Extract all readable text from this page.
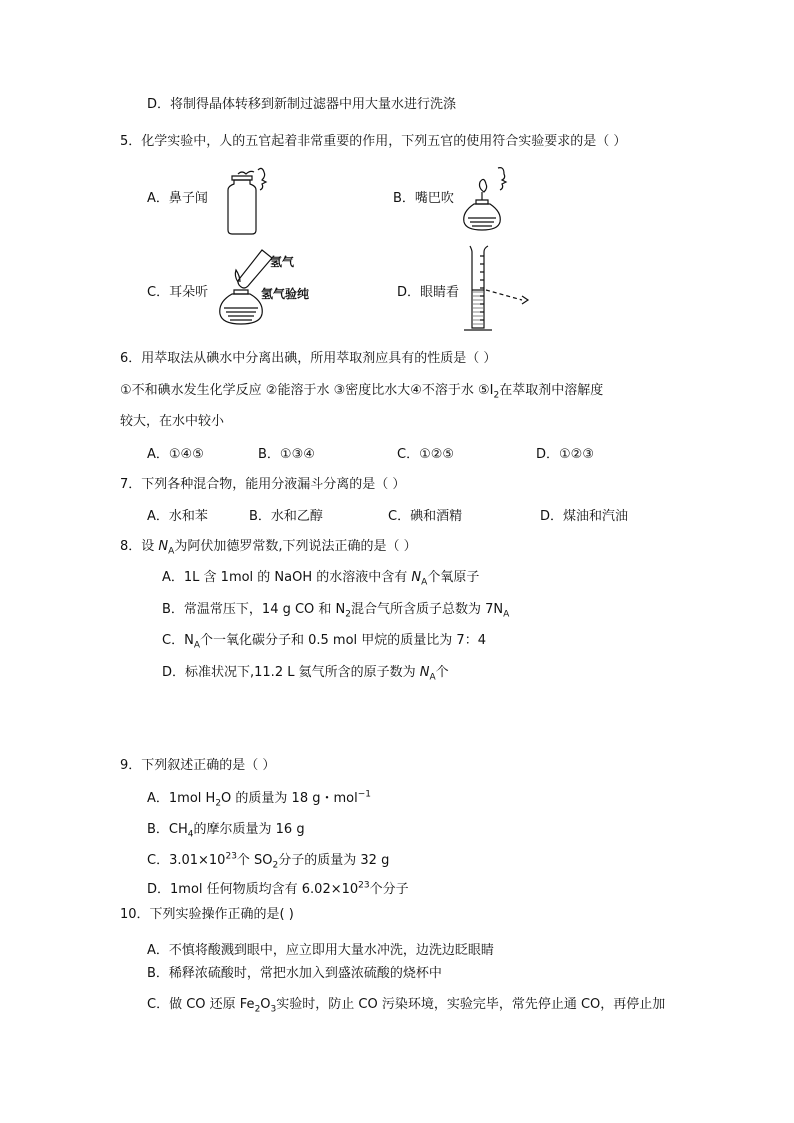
D．将制得晶体转移到新制过滤器中用大量水进行洗涤
5．化学实验中，人的五官起着非常重要的作用，下列五官的使用符合实验要求的是（ ）
A．鼻子闻	B．嘴巴吹
C．耳朵听	D．眼睛看
氢气
氢气验纯
6．用萃取法从碘水中分离出碘，所用萃取剂应具有的性质是（ ）
①不和碘水发生化学反应 ②能溶于水 ③密度比水大④不溶于水 $⑤I_2$在萃取剂中溶解度
较大，在水中较小
A．①④⑤	B．①③④	C．①②⑤	D．①②③
7．下列各种混合物，能用分液漏斗分离的是（ ）
A．水和苯	B．水和乙醇	C．碘和酒精	D．煤油和汽油
8．设 $N_A$为阿伏加德罗常数,下列说法正确的是（ ）
A．1L 含 1mol 的 NaOH 的水溶液中含有 $N_A$个氧原子
B．常温常压下，14 g CO 和 $N_2$混合气所含质子总数为 $7N_A$
C．$N_A$个一氧化碳分子和 0.5 mol 甲烷的质量比为 7：4
D．标准状况下,11.2 L 氦气所含的原子数为 $N_A$个
9．下列叙述正确的是（ ）
A．1mol $H_2O$ 的质量为 18 g・mol$^{-1}$
B．$CH_4$的摩尔质量为 16 g
C．$3.01\times 10^{23}$个 $SO_2$分子的质量为 32 g
D．1mol 任何物质均含有 $6.02\times 10^{23}$个分子
10．下列实验操作正确的是( )
A．不慎将酸溅到眼中，应立即用大量水冲洗，边洗边眨眼睛
B．稀释浓硫酸时，常把水加入到盛浓硫酸的烧杯中
C．做 CO 还原 $Fe_2O_3$实验时，防止 CO 污染环境，实验完毕，常先停止通 CO，再停止加
